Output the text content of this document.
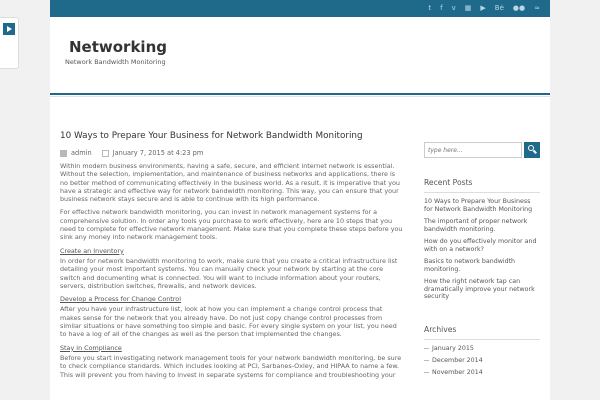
t f v ▦ ▶ Bė ●● ≈
Networking
Network Bandwidth Monitoring
10 Ways to Prepare Your Business for Network Bandwidth Monitoring
admin	January 7, 2015 at 4:23 pm

Within modern business environments, having a safe, secure, and efficient internet network is essential. Without the selection, implementation, and maintenance of business networks and applications, there is no better method of communicating effectively in the business world. As a result, it is imperative that you have a strategic and effective way for network bandwidth monitoring. This way, you can ensure that your business network stays secure and is able to continue with its high performance.

For effective network bandwidth monitoring, you can invest in network management systems for a comprehensive solution. In order any tools you purchase to work effectively, here are 10 steps that you need to complete for effective network management. Make sure that you complete these steps before you sink any money into network management tools.

Create an Inventory

In order for network bandwidth monitoring to work, make sure that you create a critical infrastructure list detailing your most important systems. You can manually check your network by starting at the core switch and documenting what is connected. You will want to include information about your routers, servers, distribution switches, firewalls, and network devices.

Develop a Process for Change Control

After you have your infrastructure list, look at how you can implement a change control process that makes sense for the network that you already have. Do not just copy change control processes from similar situations or have something too simple and basic. For every single system on your list, you need to have a log of all of the changes as well as the person that implemented the changes.

Stay in Compliance

Before you start investigating network management tools for your network bandwidth monitoring, be sure to check compliance standards. Which includes looking at PCI, Sarbanes-Oxley, and HIPAA to name a few. This will prevent you from having to invest in separate systems for compliance and troubleshooting your

type here...
Recent Posts
10 Ways to Prepare Your Business for Network Bandwidth Monitoring
The important of proper network bandwidth monitoring.
How do you effectively monitor and with on a network?
Basics to network bandwidth monitoring.
How the right network tap can dramatically improve your network security
Archives
January 2015
December 2014
November 2014
